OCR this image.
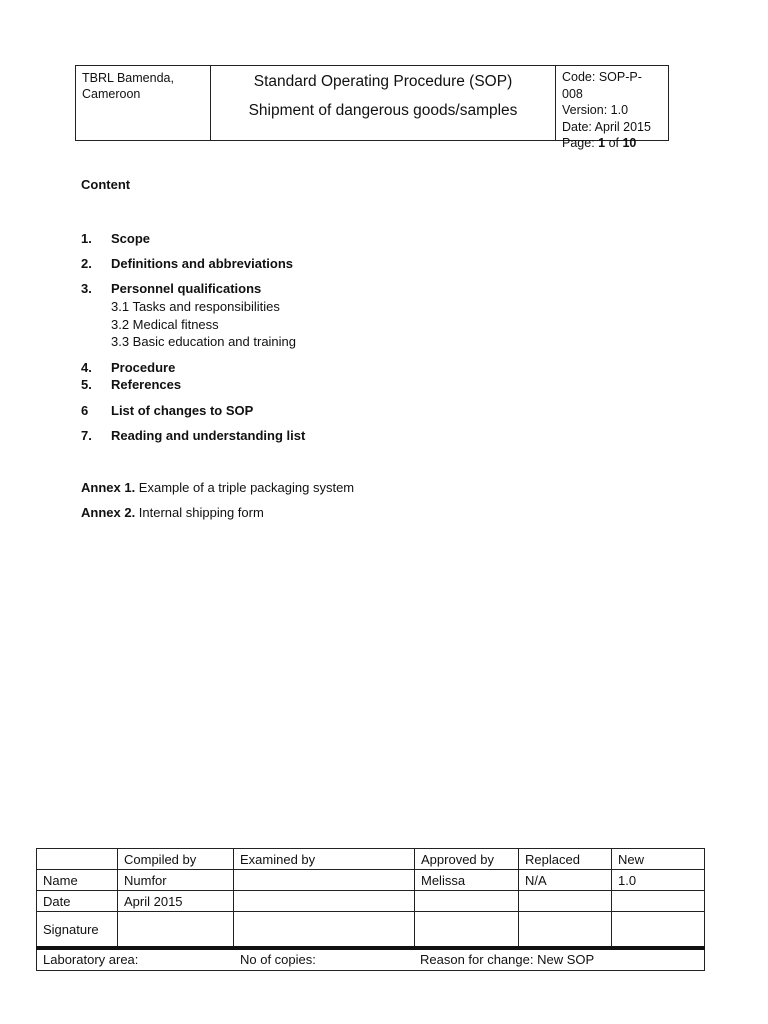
TBRL Bamenda,
Cameroon
Standard Operating Procedure (SOP)
Shipment of dangerous goods/samples
Code: SOP-P-008
Version: 1.0
Date: April 2015
Page: 1 of 10
Content
1. Scope
2. Definitions and abbreviations
3. Personnel qualifications
3.1 Tasks and responsibilities
3.2 Medical fitness
3.3 Basic education and training
4. Procedure
5. References
6 List of changes to SOP
7. Reading and understanding list
Annex 1. Example of a triple packaging system
Annex 2. Internal shipping form
	Compiled by	Examined by	Approved by	Replaced	New
Name	Numfor		Melissa	N/A	1.0
Date	April 2015				
Signature					

Laboratory area: No of copies: Reason for change: New SOP					
